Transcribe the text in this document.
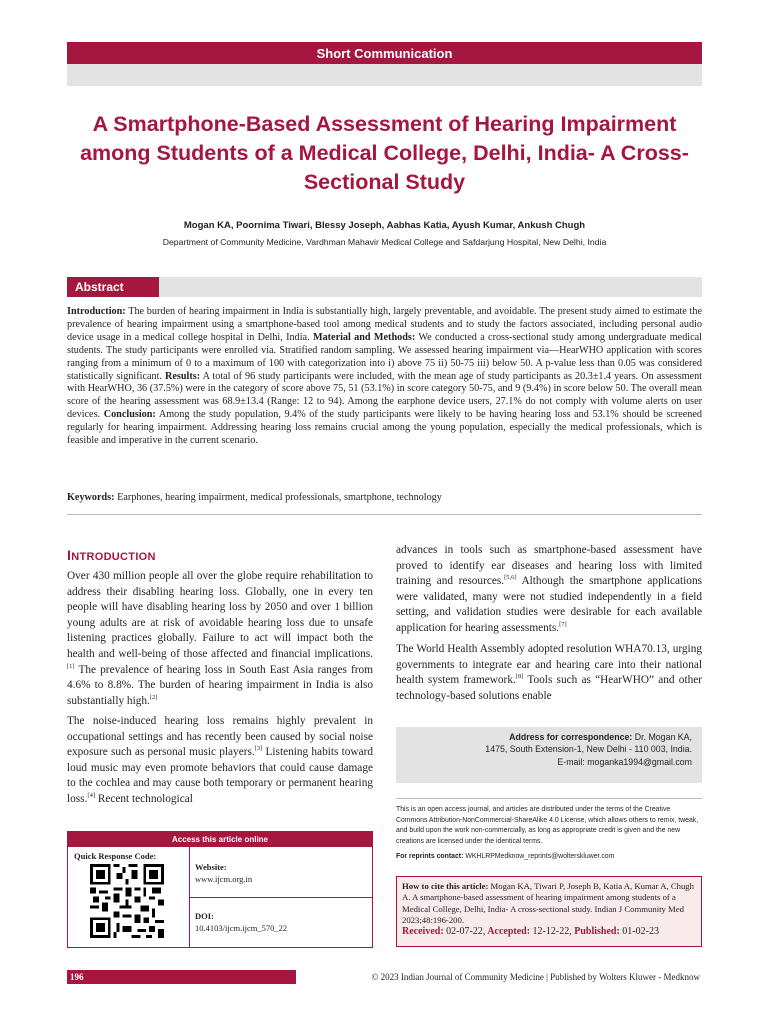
Short Communication
A Smartphone-Based Assessment of Hearing Impairment among Students of a Medical College, Delhi, India- A Cross-Sectional Study
Mogan KA, Poornima Tiwari, Blessy Joseph, Aabhas Katia, Ayush Kumar, Ankush Chugh
Department of Community Medicine, Vardhman Mahavir Medical College and Safdarjung Hospital, New Delhi, India
Abstract
Introduction: The burden of hearing impairment in India is substantially high, largely preventable, and avoidable. The present study aimed to estimate the prevalence of hearing impairment using a smartphone-based tool among medical students and to study the factors associated, including personal audio device usage in a medical college hospital in Delhi, India. Material and Methods: We conducted a cross-sectional study among undergraduate medical students. The study participants were enrolled via. Stratified random sampling. We assessed hearing impairment via—HearWHO application with scores ranging from a minimum of 0 to a maximum of 100 with categorization into i) above 75 ii) 50-75 iii) below 50. A p-value less than 0.05 was considered statistically significant. Results: A total of 96 study participants were included, with the mean age of study participants as 20.3±1.4 years. On assessment with HearWHO, 36 (37.5%) were in the category of score above 75, 51 (53.1%) in score category 50-75, and 9 (9.4%) in score below 50. The overall mean score of the hearing assessment was 68.9±13.4 (Range: 12 to 94). Among the earphone device users, 27.1% do not comply with volume alerts on user devices. Conclusion: Among the study population, 9.4% of the study participants were likely to be having hearing loss and 53.1% should be screened regularly for hearing impairment. Addressing hearing loss remains crucial among the young population, especially the medical professionals, which is feasible and imperative in the current scenario.
Keywords: Earphones, hearing impairment, medical professionals, smartphone, technology
INTRODUCTION
Over 430 million people all over the globe require rehabilitation to address their disabling hearing loss. Globally, one in every ten people will have disabling hearing loss by 2050 and over 1 billion young adults are at risk of avoidable hearing loss due to unsafe listening practices globally. Failure to act will impact both the health and well-being of those affected and financial implications.[1] The prevalence of hearing loss in South East Asia ranges from 4.6% to 8.8%. The burden of hearing impairment in India is also substantially high.[2]
The noise-induced hearing loss remains highly prevalent in occupational settings and has recently been caused by social noise exposure such as personal music players.[3] Listening habits toward loud music may even promote behaviors that could cause damage to the cochlea and may cause both temporary or permanent hearing loss.[4] Recent technological
advances in tools such as smartphone-based assessment have proved to identify ear diseases and hearing loss with limited training and resources.[5,6] Although the smartphone applications were validated, many were not studied independently in a field setting, and validation studies were desirable for each available application for hearing assessments.[7]
The World Health Assembly adopted resolution WHA70.13, urging governments to integrate ear and hearing care into their national health system framework.[8] Tools such as “HearWHO” and other technology-based solutions enable
Access this article online
Quick Response Code:
Website:
www.ijcm.org.in
DOI:
10.4103/ijcm.ijcm_570_22
Address for correspondence: Dr. Mogan KA,
1475, South Extension-1, New Delhi - 110 003, India.
E-mail: moganka1994@gmail.com
This is an open access journal, and articles are distributed under the terms of the Creative Commons Attribution-NonCommercial-ShareAlike 4.0 License, which allows others to remix, tweak, and build upon the work non-commercially, as long as appropriate credit is given and the new creations are licensed under the identical terms.
For reprints contact: WKHLRPMedknow_reprints@wolterskluwer.com
How to cite this article: Mogan KA, Tiwari P, Joseph B, Katia A, Kumar A, Chugh A. A smartphone-based assessment of hearing impairment among students of a Medical College, Delhi, India- A cross-sectional study. Indian J Community Med 2023;48:196-200.
Received: 02-07-22, Accepted: 12-12-22, Published: 01-02-23
196	© 2023 Indian Journal of Community Medicine | Published by Wolters Kluwer - Medknow
